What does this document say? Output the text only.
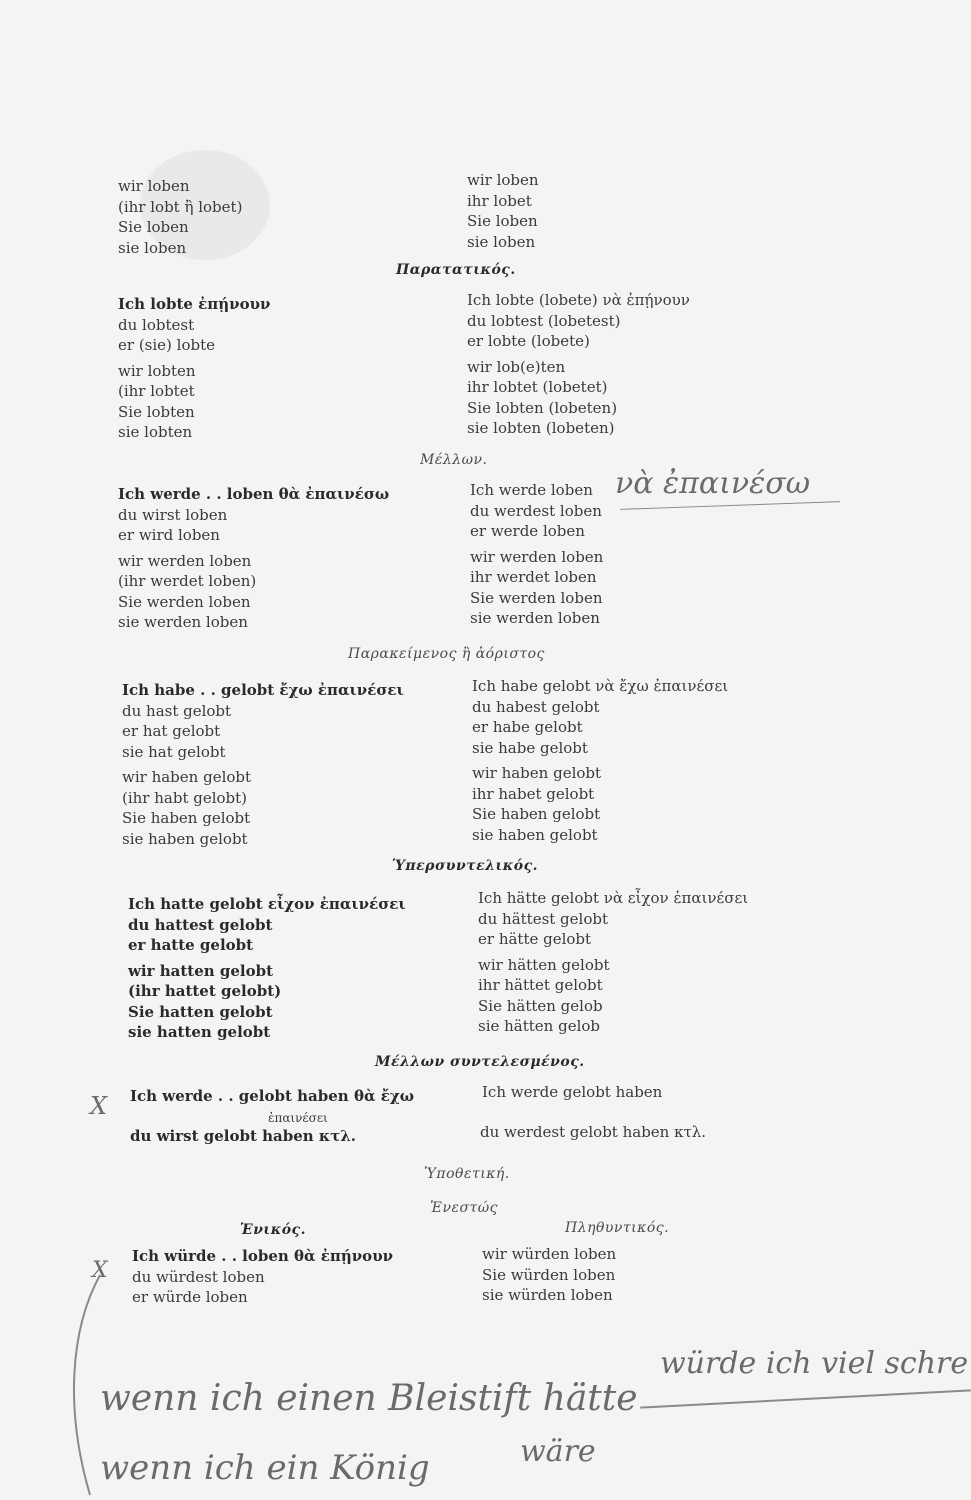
wir loben
(ihr lobt ἢ lobet)
Sie loben
sie loben
wir loben
ihr lobet
Sie loben
sie loben
Παρατατικός.
Ich lobte ἐπῄνουν
du lobtest
er (sie) lobte
wir lobten
(ihr lobtet
Sie lobten
sie lobten
Ich lobte (lobete) νὰ ἐπῄνουν
du lobtest (lobetest)
er lobte (lobete)
wir lob(e)ten
ihr lobtet (lobetet)
Sie lobten (lobeten)
sie lobten (lobeten)
Μέλλων.
Ich werde . . loben θὰ ἐπαινέσω
du wirst loben
er wird loben
wir werden loben
(ihr werdet loben)
Sie werden loben
sie werden loben
Ich werde loben
du werdest loben
er werde loben
wir werden loben
ihr werdet loben
Sie werden loben
sie werden loben
νὰ ἐπαινέσω
Παρακείμενος ἢ ἀόριστος
Ich habe . . gelobt ἔχω ἐπαινέσει
du hast gelobt
er hat gelobt
sie hat gelobt
wir haben gelobt
(ihr habt gelobt)
Sie haben gelobt
sie haben gelobt
Ich habe gelobt νὰ ἔχω ἐπαινέσει
du habest gelobt
er habe gelobt
sie habe gelobt
wir haben gelobt
ihr habet gelobt
Sie haben gelobt
sie haben gelobt
Ὑπερσυντελικός.
Ich hatte gelobt εἶχον ἐπαινέσει
du hattest gelobt
er hatte gelobt
wir hatten gelobt
(ihr hattet gelobt)
Sie hatten gelobt
sie hatten gelobt
Ich hätte gelobt νὰ εἶχον ἐπαινέσει
du hättest gelobt
er hätte gelobt
wir hätten gelobt
ihr hättet gelobt
Sie hätten gelob
sie hätten gelob
Μέλλων συντελεσμένος.
X Ich werde . . gelobt haben θὰ ἔχω
ἐπαινέσει
du wirst gelobt haben κτλ.
Ich werde gelobt haben
du werdest gelobt haben κτλ.
Ὑποθετική.
Ἐνεστώς
Ἑνικός.	Πληθυντικός.
Ich würde . . loben θὰ ἐπῄνουν
du würdest loben
er würde loben
wir würden loben
Sie würden loben
sie würden loben
X
wenn ich einen Bleistift hätte
würde ich viel schre
wenn ich ein König	wäre
